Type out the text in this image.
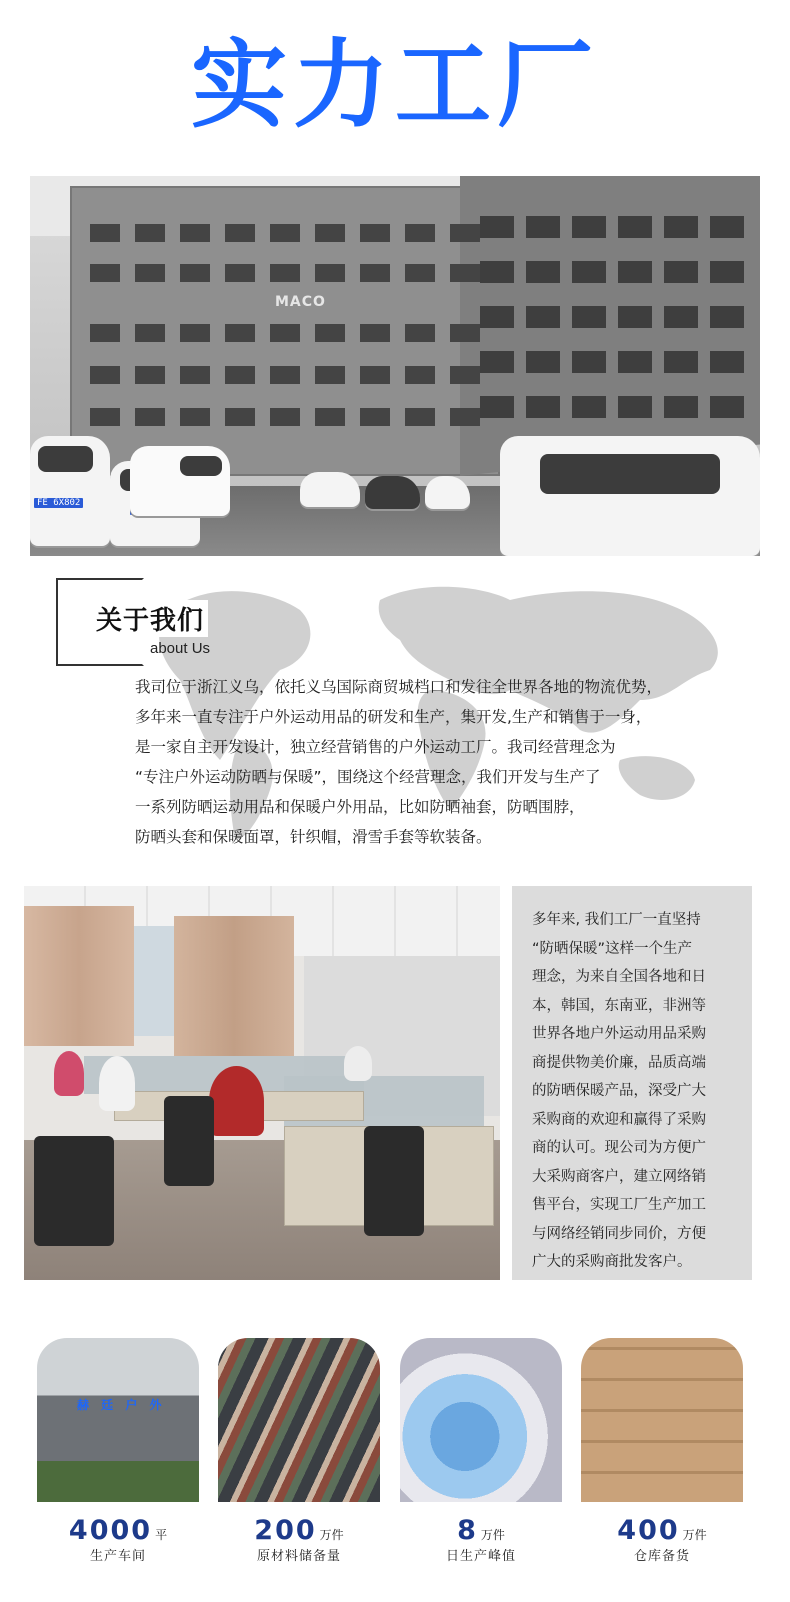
实力工厂
MACO
FE 6X802
关于我们
about Us

我司位于浙江义乌，依托义乌国际商贸城档口和发往全世界各地的物流优势，

多年来一直专注于户外运动用品的研发和生产，集开发,生产和销售于一身，

是一家自主开发设计，独立经营销售的户外运动工厂。我司经营理念为

“专注户外运动防晒与保暖”，围绕这个经营理念，我们开发与生产了

一系列防晒运动用品和保暖户外用品，比如防晒袖套，防晒围脖，

防晒头套和保暖面罩，针织帽，滑雪手套等软装备。

多年来, 我们工厂一直坚持

“防晒保暖”这样一个生产

理念，为来自全国各地和日

本，韩国，东南亚，非洲等

世界各地户外运动用品采购

商提供物美价廉，品质高端

的防晒保暖产品，深受广大

采购商的欢迎和赢得了采购

商的认可。现公司为方便广

大采购商客户，建立网络销

售平台，实现工厂生产加工

与网络经销同步同价，方便

广大的采购商批发客户。

赫 廷 户 外
4000 平
生产车间
200 万件
原材料储备量
8 万件
日生产峰值
400 万件
仓库备货
